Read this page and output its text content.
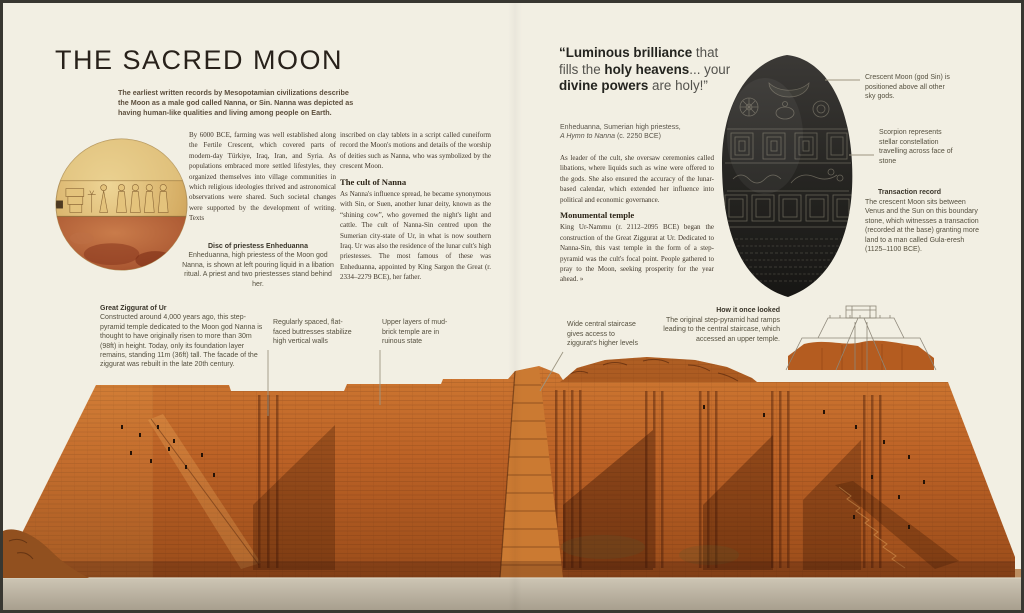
THE SACRED MOON

The earliest written records by Mesopotamian civilizations describe the Moon as a male god called Nanna, or Sin. Nanna was depicted as having human-like qualities and living among people on Earth.

By 6000 BCE, farming was well established along the Fertile Crescent, which covered parts of modern-day Türkiye, Iraq, Iran, and Syria. As populations embraced more settled lifestyles, they organized themselves into village communities in which religious ideologies thrived and astronomical observations were shared. Such societal changes were supported by the development of writing. Texts
Disc of priestess Enheduanna
Enheduanna, high priestess of the Moon god Nanna, is shown at left pouring liquid in a libation ritual. A priest and two priestesses stand behind her.

inscribed on clay tablets in a script called cuneiform record the Moon's motions and details of the worship of deities such as Nanna, who was symbolized by the crescent Moon.

The cult of Nanna

As Nanna's influence spread, he became synonymous with Sin, or Suen, another lunar deity, known as the “shining cow”, who governed the night's light and cattle. The cult of Nanna-Sin centred upon the Sumerian city-state of Ur, in what is now southern Iraq. Ur was also the residence of the lunar cult's high priestesses. The most famous of these was Enheduanna, appointed by King Sargon the Great (r. 2334–2279 BCE), her father.

“Luminous brilliance that fills the holy heavens... your divine powers are holy!”
Enheduanna, Sumerian high priestess,
A Hymn to Nanna (c. 2250 BCE)

As leader of the cult, she oversaw ceremonies called libations, where liquids such as wine were offered to the gods. She also ensured the accuracy of the lunar-based calendar, which extended her influence into political and economic governance.

Monumental temple

King Ur-Nammu (r. 2112–2095 BCE) began the construction of the Great Ziggurat at Ur. Dedicated to Nanna-Sin, this vast temple in the form of a step-pyramid was the cult's focal point. People gathered to pray to the Moon, seeking prosperity for the year ahead. »

Crescent Moon (god Sin) is positioned above all other sky gods.
Scorpion represents stellar constellation travelling across face of stone
Transaction record
The crescent Moon sits between Venus and the Sun on this boundary stone, which witnesses a transaction (recorded at the base) granting more land to a man called Gula-eresh (1125–1100 BCE).
How it once looked
The original step-pyramid had ramps leading to the central staircase, which accessed an upper temple.
Great Ziggurat of Ur
Constructed around 4,000 years ago, this step-pyramid temple dedicated to the Moon god Nanna is thought to have originally risen to more than 30m (98ft) in height. Today, only its foundation layer remains, standing 11m (36ft) tall. The facade of the ziggurat was rebuilt in the late 20th century.
Regularly spaced, flat-faced buttresses stabilize high vertical walls
Upper layers of mud-brick temple are in ruinous state
Wide central staircase gives access to ziggurat's higher levels
